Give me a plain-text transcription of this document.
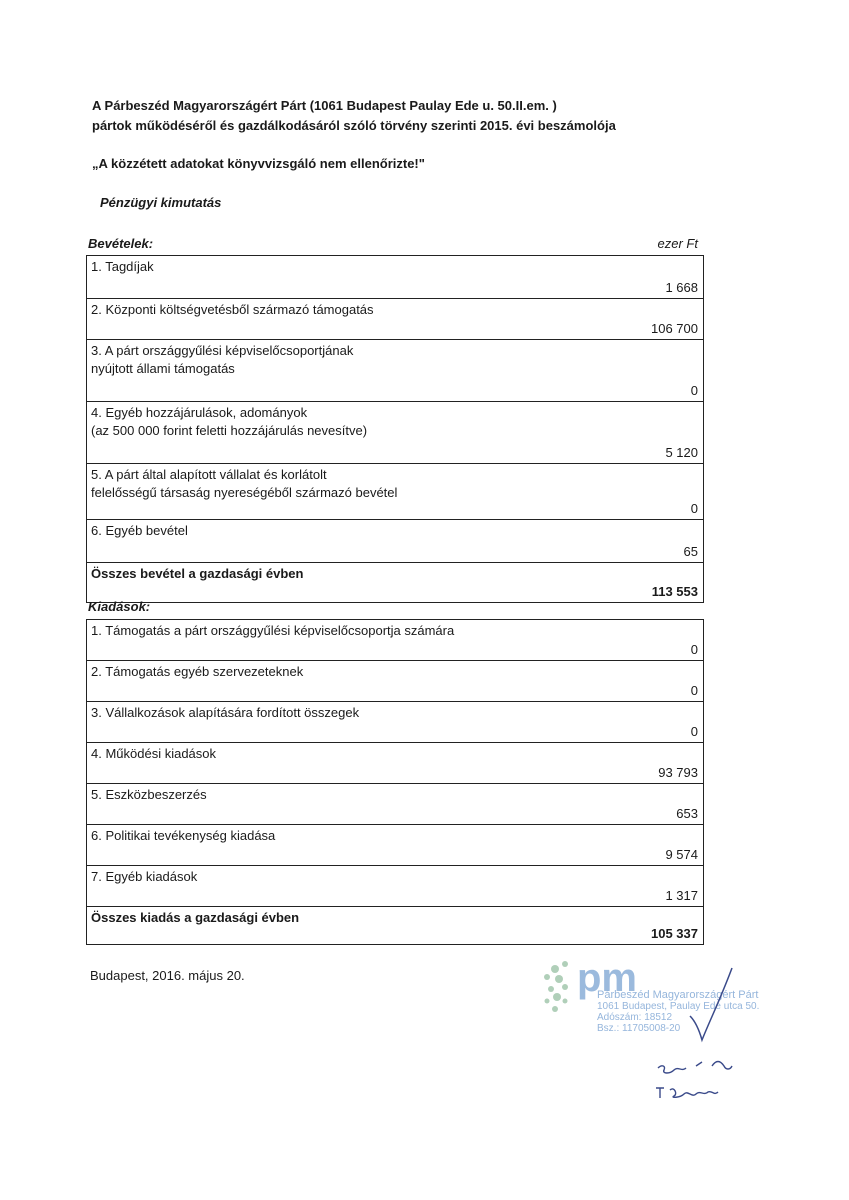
A Párbeszéd Magyarországért Párt (1061 Budapest Paulay Ede u. 50.II.em. )
pártok működéséről és gazdálkodásáról szóló törvény szerinti 2015. évi beszámolója
„A közzétett adatokat könyvvizsgáló nem ellenőrizte!"
Pénzügyi kimutatás
Bevételek:	ezer Ft
1. Tagdíjak
1 668
2. Központi költségvetésből származó támogatás
106 700
3. A párt országgyűlési képviselőcsoportjának
nyújtott állami támogatás
0
4. Egyéb hozzájárulások, adományok
(az 500 000 forint feletti hozzájárulás nevesítve)
5 120
5. A párt által alapított vállalat és korlátolt
felelősségű társaság nyereségéből származó bevétel
0
6. Egyéb bevétel
65
Összes bevétel a gazdasági évben
113 553
Kiadások:
1. Támogatás a párt országgyűlési képviselőcsoportja számára
0
2. Támogatás egyéb szervezeteknek
0
3. Vállalkozások alapítására fordított összegek
0
4. Működési kiadások
93 793
5. Eszközbeszerzés
653
6. Politikai tevékenység kiadása
9 574
7. Egyéb kiadások
1 317
Összes kiadás a gazdasági évben
105 337
Budapest, 2016. május 20.	pm
Párbeszéd Magyarországért Párt
1061 Budapest, Paulay Ede utca 50.
Adószám: 18512
Bsz.: 11705008-20
